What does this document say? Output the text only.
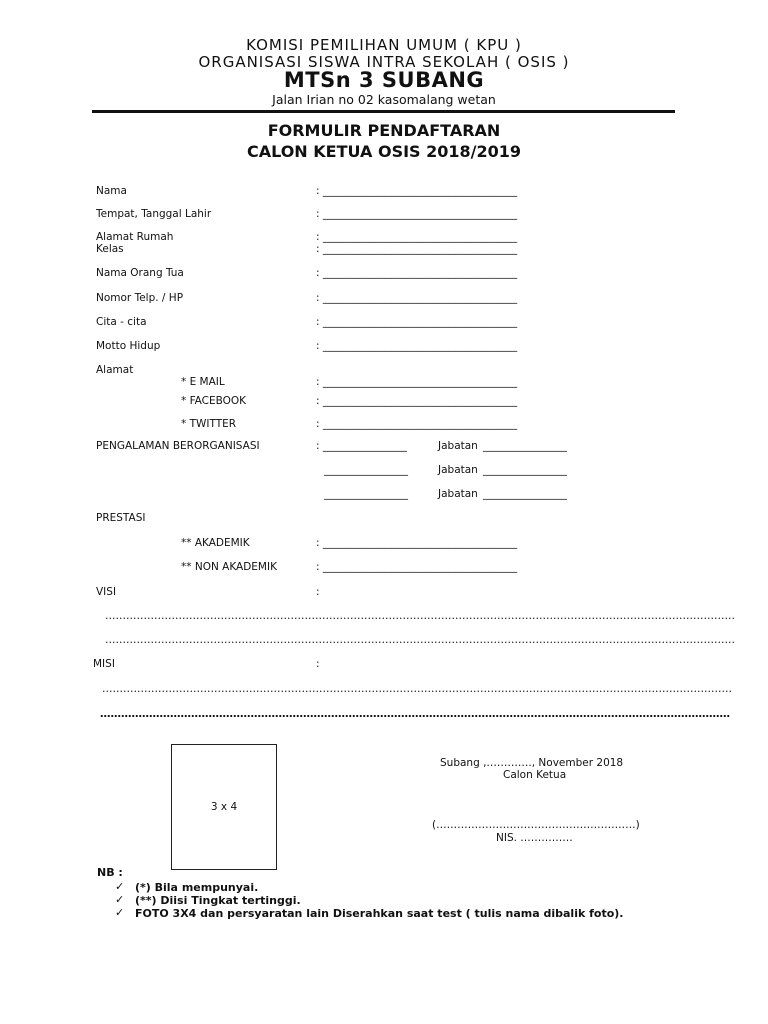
KOMISI PEMILIHAN UMUM ( KPU )
ORGANISASI SISWA INTRA SEKOLAH ( OSIS )
MTSn 3 SUBANG
Jalan Irian no 02 kasomalang wetan
FORMULIR PENDAFTARAN
CALON KETUA OSIS 2018/2019
Nama	: _____________________________________
Tempat, Tanggal Lahir	: _____________________________________
Alamat Rumah	: _____________________________________
Kelas	: _____________________________________
Nama Orang Tua	: _____________________________________
Nomor Telp. / HP	: _____________________________________
Cita - cita	: _____________________________________
Motto Hidup	: _____________________________________
Alamat
* E MAIL	: _____________________________________
* FACEBOOK	: _____________________________________
* TWITTER	: _____________________________________
PENGALAMAN BERORGANISASI	: ________________	Jabatan ________________
________________	Jabatan ________________
________________	Jabatan ________________
PRESTASI
** AKADEMIK	: _____________________________________
** NON AKADEMIK	: _____________________________________
VISI	:
………………………………………………………………………………………………………………………………………………………………
………………………………………………………………………………………………………………………………………………………………
MISI	:
………………………………………………………………………………………………………………………………………………………………
………………………………………………………………………………………………………………………………………………………………
3 x 4
Subang ,…………., November 2018
Calon Ketua
(…………………………………………………)
NIS. ……………
NB :
✓ (*) Bila mempunyai.
✓ (**) Diisi Tingkat tertinggi.
✓ FOTO 3X4 dan persyaratan lain Diserahkan saat test ( tulis nama dibalik foto).
